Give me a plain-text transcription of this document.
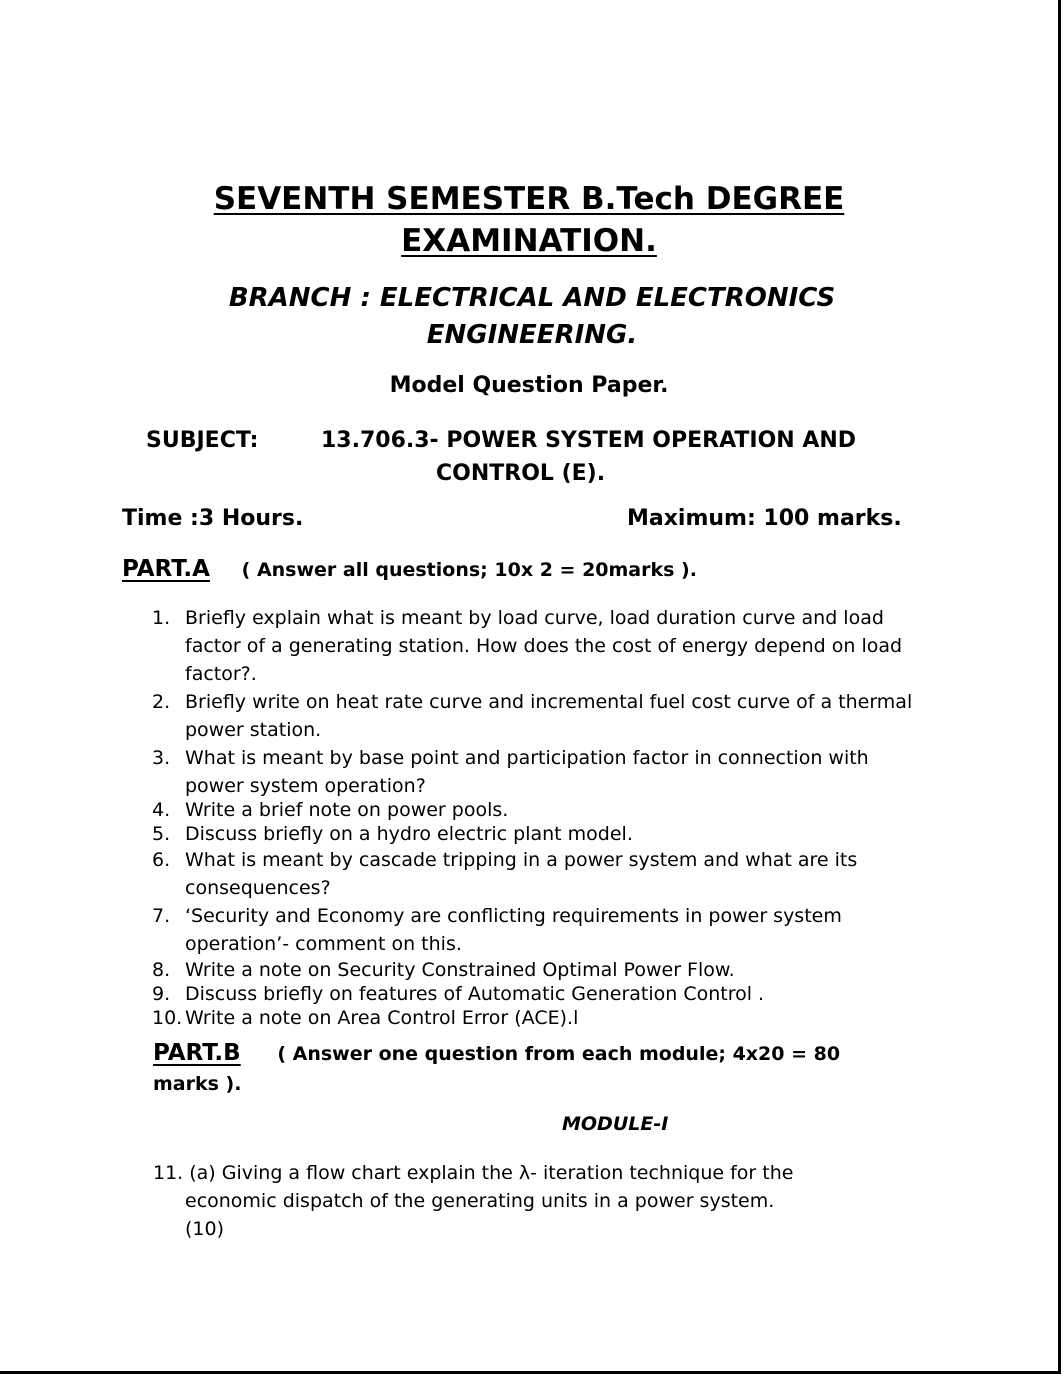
SEVENTH SEMESTER B.Tech DEGREE
EXAMINATION.
BRANCH : ELECTRICAL AND ELECTRONICS
ENGINEERING.
Model Question Paper.
SUBJECT:	13.706.3- POWER SYSTEM OPERATION AND
CONTROL (E).
Time :3 Hours.	Maximum: 100 marks.
PART.A ( Answer all questions; 10x 2 = 20marks ).
1. Briefly explain what is meant by load curve, load duration curve and load factor of a generating station. How does the cost of energy depend on load factor?.
2. Briefly write on heat rate curve and incremental fuel cost curve of a thermal power station.
3. What is meant by base point and participation factor in connection with power system operation?
4. Write a brief note on power pools.
5. Discuss briefly on a hydro electric plant model.
6. What is meant by cascade tripping in a power system and what are its consequences?
7. ‘Security and Economy are conflicting requirements in power system operation’- comment on this.
8. Write a note on Security Constrained Optimal Power Flow.
9. Discuss briefly on features of Automatic Generation Control .
10. Write a note on Area Control Error (ACE).l
PART.B ( Answer one question from each module; 4x20 = 80
marks ).
MODULE-I
11. (a) Giving a flow chart explain the λ- iteration technique for the
economic dispatch of the generating units in a power system.
(10)
